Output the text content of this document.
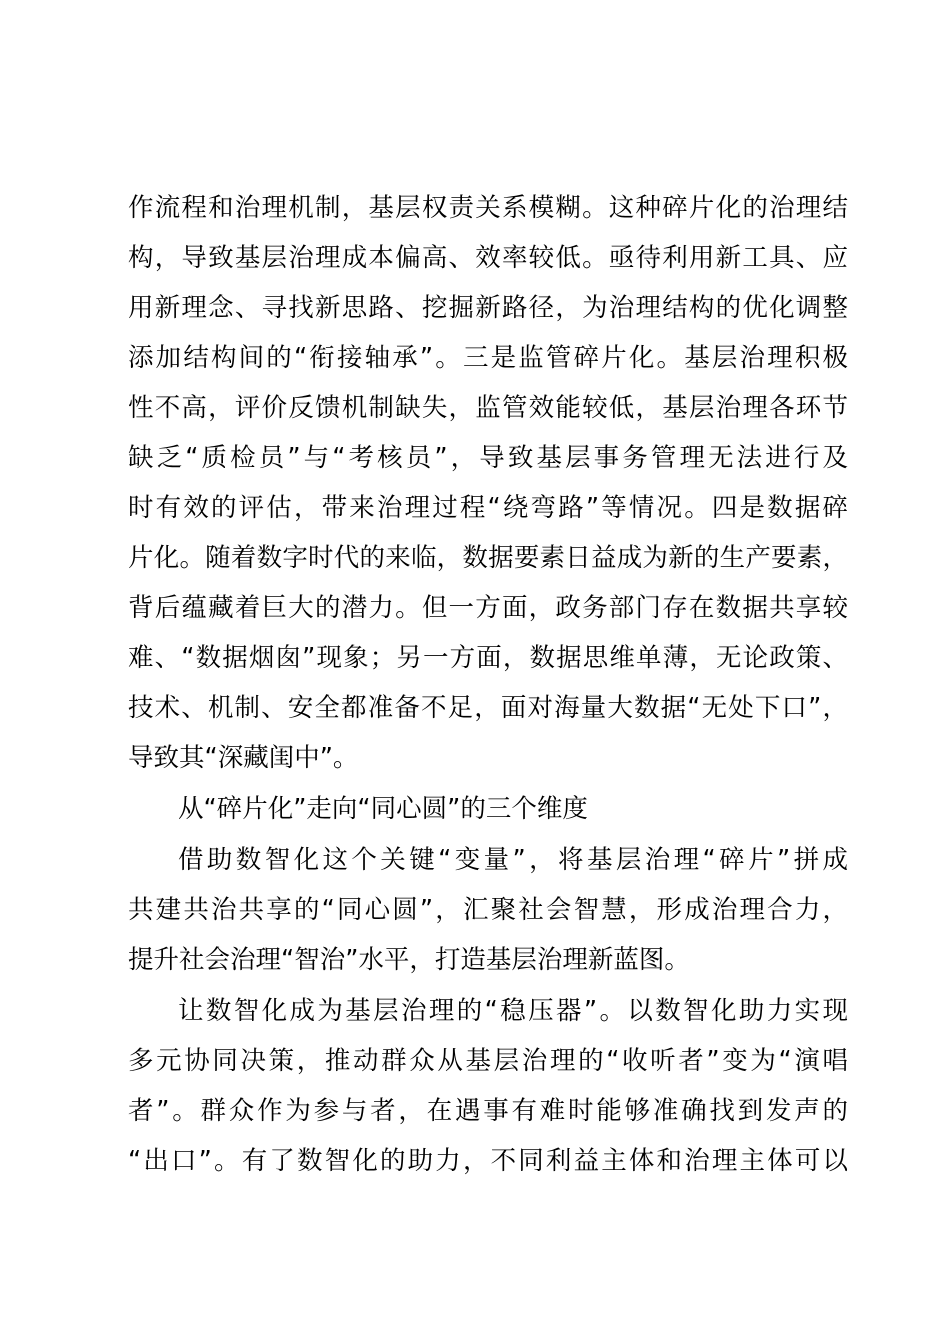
作流程和治理机制，基层权责关系模糊。这种碎片化的治理结
构，导致基层治理成本偏高、效率较低。亟待利用新工具、应
用新理念、寻找新思路、挖掘新路径，为治理结构的优化调整
添加结构间的“衔接轴承”。三是监管碎片化。基层治理积极
性不高，评价反馈机制缺失，监管效能较低，基层治理各环节
缺乏“质检员”与“考核员”，导致基层事务管理无法进行及
时有效的评估，带来治理过程“绕弯路”等情况。四是数据碎
片化。随着数字时代的来临，数据要素日益成为新的生产要素，
背后蕴藏着巨大的潜力。但一方面，政务部门存在数据共享较
难、“数据烟囱”现象；另一方面，数据思维单薄，无论政策、
技术、机制、安全都准备不足，面对海量大数据“无处下口”，
导致其“深藏闺中”。
从“碎片化”走向“同心圆”的三个维度
借助数智化这个关键“变量”，将基层治理“碎片”拼成
共建共治共享的“同心圆”，汇聚社会智慧，形成治理合力，
提升社会治理“智治”水平，打造基层治理新蓝图。
让数智化成为基层治理的“稳压器”。以数智化助力实现
多元协同决策，推动群众从基层治理的“收听者”变为“演唱
者”。群众作为参与者，在遇事有难时能够准确找到发声的
“出口”。有了数智化的助力，不同利益主体和治理主体可以
